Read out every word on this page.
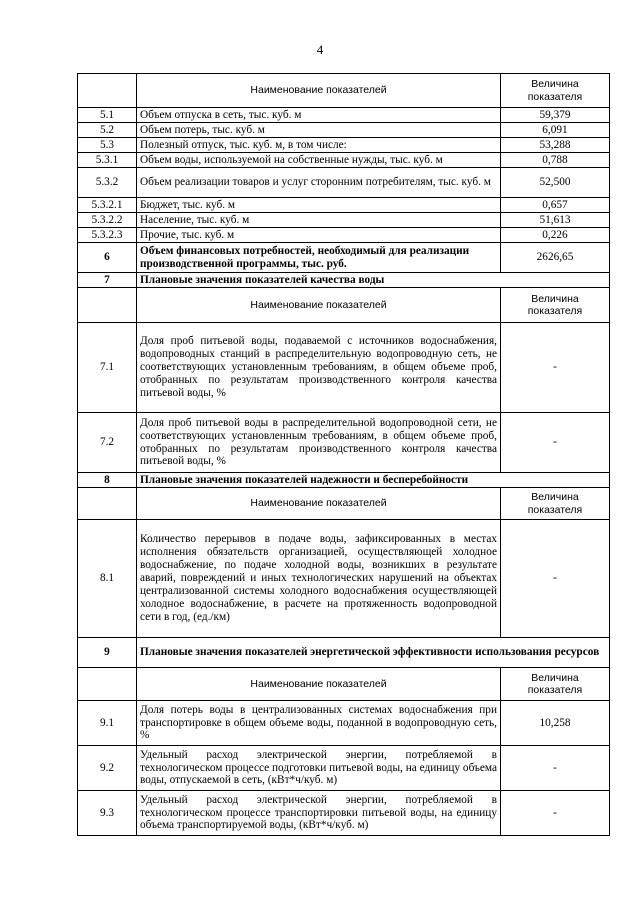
4
	Наименование показателей	Величина показателя
5.1	Объем отпуска в сеть, тыс. куб. м	59,379
5.2	Объем потерь, тыс. куб. м	6,091
5.3	Полезный отпуск, тыс. куб. м, в том числе:	53,288
5.3.1	Объем воды, используемой на собственные нужды, тыс. куб. м	0,788
5.3.2	Объем реализации товаров и услуг сторонним потребителям, тыс. куб. м	52,500
5.3.2.1	Бюджет, тыс. куб. м	0,657
5.3.2.2	Население, тыс. куб. м	51,613
5.3.2.3	Прочие, тыс. куб. м	0,226
6	Объем финансовых потребностей, необходимый для реализации производственной программы, тыс. руб.	2626,65
7	Плановые значения показателей качества воды	
	Наименование показателей	Величина показателя
7.1	Доля проб питьевой воды, подаваемой с источников водоснабжения, водопроводных станций в распределительную водопроводную сеть, не соответствующих установленным требованиям, в общем объеме проб, отобранных по результатам производственного контроля качества питьевой воды, %	-
7.2	Доля проб питьевой воды в распределительной водопроводной сети, не соответствующих установленным требованиям, в общем объеме проб, отобранных по результатам производственного контроля качества питьевой воды, %	-
8	Плановые значения показателей надежности и бесперебойности	
	Наименование показателей	Величина показателя
8.1	Количество перерывов в подаче воды, зафиксированных в местах исполнения обязательств организацией, осуществляющей холодное водоснабжение, по подаче холодной воды, возникших в результате аварий, повреждений и иных технологических нарушений на объектах централизованной системы холодного водоснабжения осуществляющей холодное водоснабжение, в расчете на протяженность водопроводной сети в год, (ед./км)	-
9	Плановые значения показателей энергетической эффективности использования ресурсов	
	Наименование показателей	Величина показателя
9.1	Доля потерь воды в централизованных системах водоснабжения при транспортировке в общем объеме воды, поданной в водопроводную сеть, %	10,258
9.2	Удельный расход электрической энергии, потребляемой в технологическом процессе подготовки питьевой воды, на единицу объема воды, отпускаемой в сеть, (кВт*ч/куб. м)	-
9.3	Удельный расход электрической энергии, потребляемой в технологическом процессе транспортировки питьевой воды, на единицу объема транспортируемой воды, (кВт*ч/куб. м)	-
